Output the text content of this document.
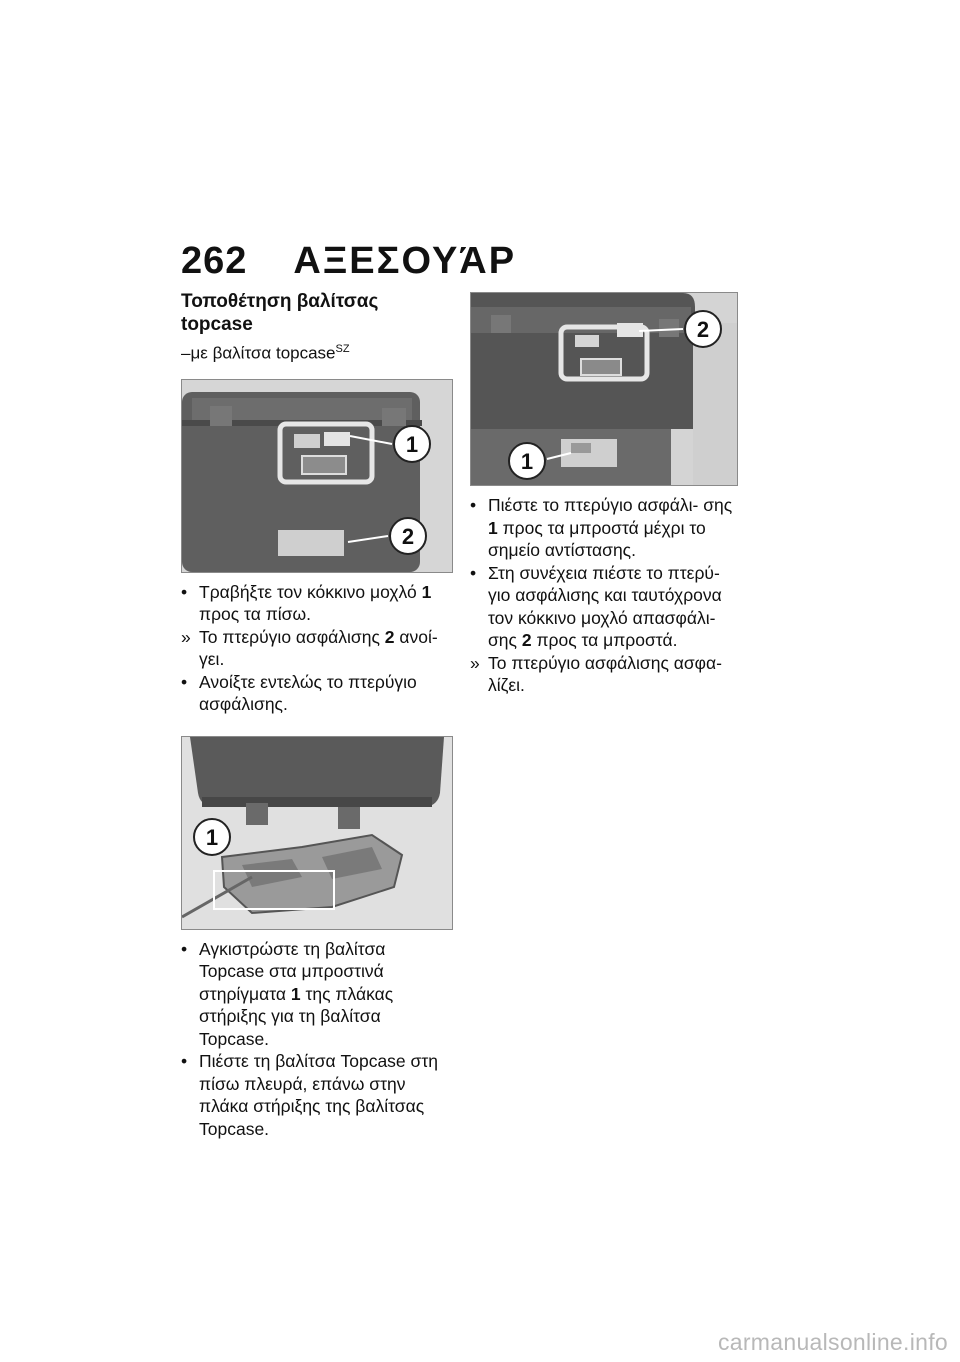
262 ΑΞΕΣΟΥΆΡ
Τοποθέτηση βαλίτσας
topcase

–με βαλίτσα topcase$^{SZ}$

1
2
• Τραβήξτε τον κόκκινο μοχλό 1 προς τα πίσω.
» Το πτερύγιο ασφάλισης 2 ανοί- γει.
• Ανοίξτε εντελώς το πτερύγιο ασφάλισης.
1
• Αγκιστρώστε τη βαλίτσα Topcase στα μπροστινά στηρίγματα 1 της πλάκας στήριξης για τη βαλίτσα Topcase.
• Πιέστε τη βαλίτσα Topcase στη πίσω πλευρά, επάνω στην πλάκα στήριξης της βαλίτσας Topcase.
2
1
• Πιέστε το πτερύγιο ασφάλι- σης 1 προς τα μπροστά μέχρι το σημείο αντίστασης.
• Στη συνέχεια πιέστε το πτερύ- γιο ασφάλισης και ταυτόχρονα τον κόκκινο μοχλό απασφάλι- σης 2 προς τα μπροστά.
» Το πτερύγιο ασφάλισης ασφα- λίζει.
carmanualsonline.info
